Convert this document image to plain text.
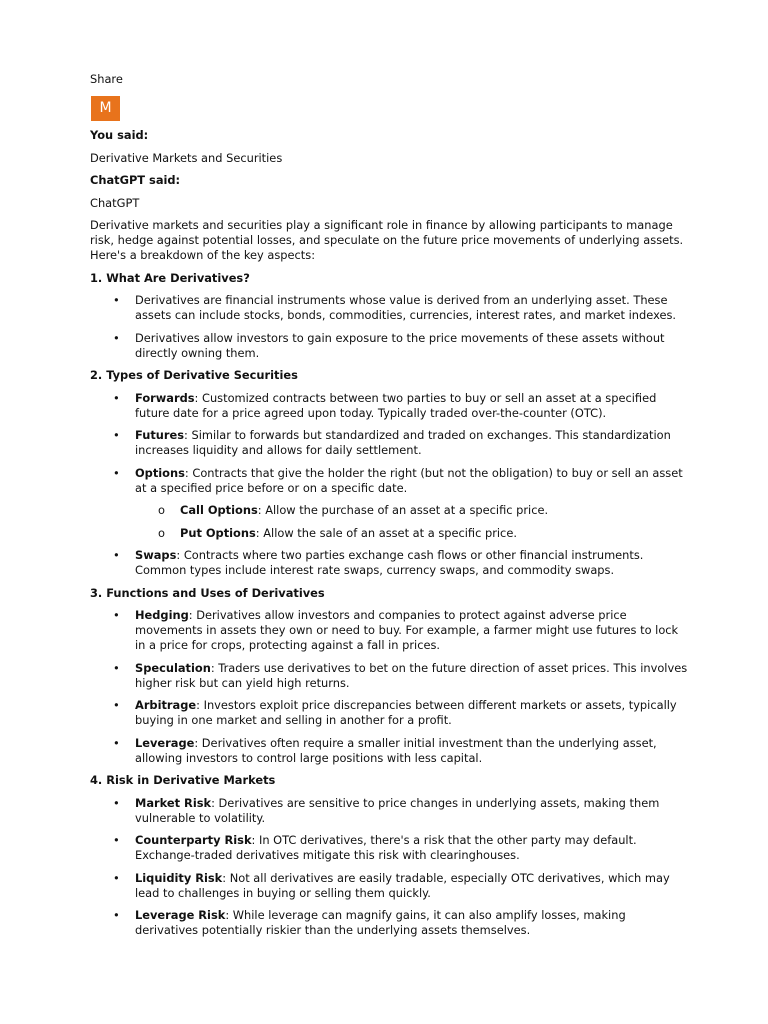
Share
M

You said:

Derivative Markets and Securities

ChatGPT said:

ChatGPT

Derivative markets and securities play a significant role in finance by allowing participants to manage risk, hedge against potential losses, and speculate on the future price movements of underlying assets. Here's a breakdown of the key aspects:

1. What Are Derivatives?
• Derivatives are financial instruments whose value is derived from an underlying asset. These assets can include stocks, bonds, commodities, currencies, interest rates, and market indexes.
• Derivatives allow investors to gain exposure to the price movements of these assets without directly owning them.
2. Types of Derivative Securities
• Forwards: Customized contracts between two parties to buy or sell an asset at a specified future date for a price agreed upon today. Typically traded over-the-counter (OTC).
• Futures: Similar to forwards but standardized and traded on exchanges. This standardization increases liquidity and allows for daily settlement.
• Options: Contracts that give the holder the right (but not the obligation) to buy or sell an asset at a specified price before or on a specific date.
o Call Options: Allow the purchase of an asset at a specific price.
o Put Options: Allow the sale of an asset at a specific price.
• Swaps: Contracts where two parties exchange cash flows or other financial instruments. Common types include interest rate swaps, currency swaps, and commodity swaps.
3. Functions and Uses of Derivatives
• Hedging: Derivatives allow investors and companies to protect against adverse price movements in assets they own or need to buy. For example, a farmer might use futures to lock in a price for crops, protecting against a fall in prices.
• Speculation: Traders use derivatives to bet on the future direction of asset prices. This involves higher risk but can yield high returns.
• Arbitrage: Investors exploit price discrepancies between different markets or assets, typically buying in one market and selling in another for a profit.
• Leverage: Derivatives often require a smaller initial investment than the underlying asset, allowing investors to control large positions with less capital.
4. Risk in Derivative Markets
• Market Risk: Derivatives are sensitive to price changes in underlying assets, making them vulnerable to volatility.
• Counterparty Risk: In OTC derivatives, there's a risk that the other party may default. Exchange-traded derivatives mitigate this risk with clearinghouses.
• Liquidity Risk: Not all derivatives are easily tradable, especially OTC derivatives, which may lead to challenges in buying or selling them quickly.
• Leverage Risk: While leverage can magnify gains, it can also amplify losses, making derivatives potentially riskier than the underlying assets themselves.
